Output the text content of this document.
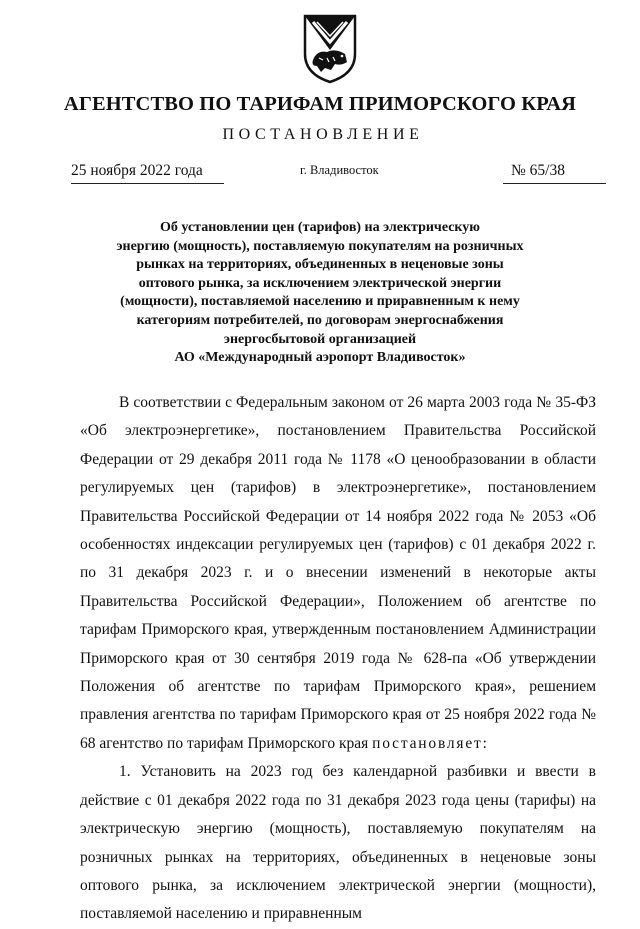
АГЕНТСТВО ПО ТАРИФАМ ПРИМОРСКОГО КРАЯ
ПОСТАНОВЛЕНИЕ
25 ноября 2022 года	г. Владивосток	№ 65/38
Об установлении цен (тарифов) на электрическую
энергию (мощность), поставляемую покупателям на розничных
рынках на территориях, объединенных в неценовые зоны
оптового рынка, за исключением электрической энергии
(мощности), поставляемой населению и приравненным к нему
категориям потребителей, по договорам энергоснабжения
энергосбытовой организацией
АО «Международный аэропорт Владивосток»

В соответствии с Федеральным законом от 26 марта 2003 года № 35-ФЗ «Об электроэнергетике», постановлением Правительства Российской Федерации от 29 декабря 2011 года № 1178 «О ценообразовании в области регулируемых цен (тарифов) в электроэнергетике», постановлением Правительства Российской Федерации от 14 ноября 2022 года № 2053 «Об особенностях индексации регулируемых цен (тарифов) с 01 декабря 2022 г. по 31 декабря 2023 г. и о внесении изменений в некоторые акты Правительства Российской Федерации», Положением об агентстве по тарифам Приморского края, утвержденным постановлением Администрации Приморского края от 30 сентября 2019 года № 628-па «Об утверждении Положения об агентстве по тарифам Приморского края», решением правления агентства по тарифам Приморского края от 25 ноября 2022 года № 68 агентство по тарифам Приморского края постановляет:

1. Установить на 2023 год без календарной разбивки и ввести в действие с 01 декабря 2022 года по 31 декабря 2023 года цены (тарифы) на электрическую энергию (мощность), поставляемую покупателям на розничных рынках на территориях, объединенных в неценовые зоны оптового рынка, за исключением электрической энергии (мощности), поставляемой населению и приравненным
